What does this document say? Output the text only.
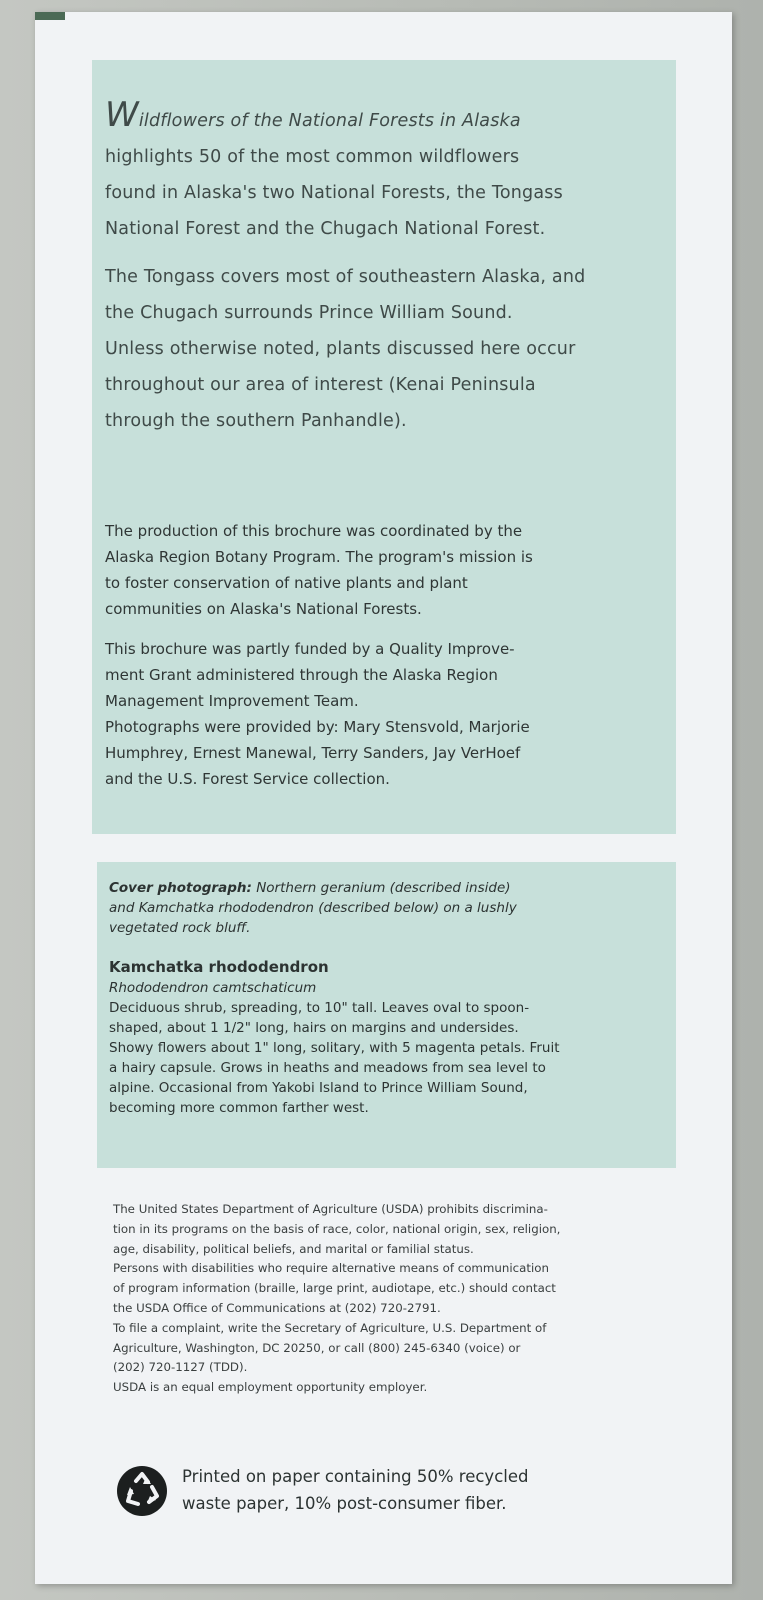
Wildflowers of the National Forests in Alaska
highlights 50 of the most common wildflowers
found in Alaska's two National Forests, the Tongass
National Forest and the Chugach National Forest.

The Tongass covers most of southeastern Alaska, and
the Chugach surrounds Prince William Sound.
Unless otherwise noted, plants discussed here occur
throughout our area of interest (Kenai Peninsula
through the southern Panhandle).

The production of this brochure was coordinated by the
Alaska Region Botany Program. The program's mission is
to foster conservation of native plants and plant
communities on Alaska's National Forests.

This brochure was partly funded by a Quality Improve-
ment Grant administered through the Alaska Region
Management Improvement Team.

Photographs were provided by: Mary Stensvold, Marjorie
Humphrey, Ernest Manewal, Terry Sanders, Jay VerHoef
and the U.S. Forest Service collection.

Cover photograph: Northern geranium (described inside)
and Kamchatka rhododendron (described below) on a lushly
vegetated rock bluff.

Kamchatka rhododendron

Rhododendron camtschaticum

Deciduous shrub, spreading, to 10" tall. Leaves oval to spoon-
shaped, about 1 1/2" long, hairs on margins and undersides.
Showy flowers about 1" long, solitary, with 5 magenta petals. Fruit
a hairy capsule. Grows in heaths and meadows from sea level to
alpine. Occasional from Yakobi Island to Prince William Sound,
becoming more common farther west.

The United States Department of Agriculture (USDA) prohibits discrimina-
tion in its programs on the basis of race, color, national origin, sex, religion,
age, disability, political beliefs, and marital or familial status.
Persons with disabilities who require alternative means of communication
of program information (braille, large print, audiotape, etc.) should contact
the USDA Office of Communications at (202) 720-2791.
To file a complaint, write the Secretary of Agriculture, U.S. Department of
Agriculture, Washington, DC 20250, or call (800) 245-6340 (voice) or
(202) 720-1127 (TDD).
USDA is an equal employment opportunity employer.

Printed on paper containing 50% recycled
waste paper, 10% post-consumer fiber.
